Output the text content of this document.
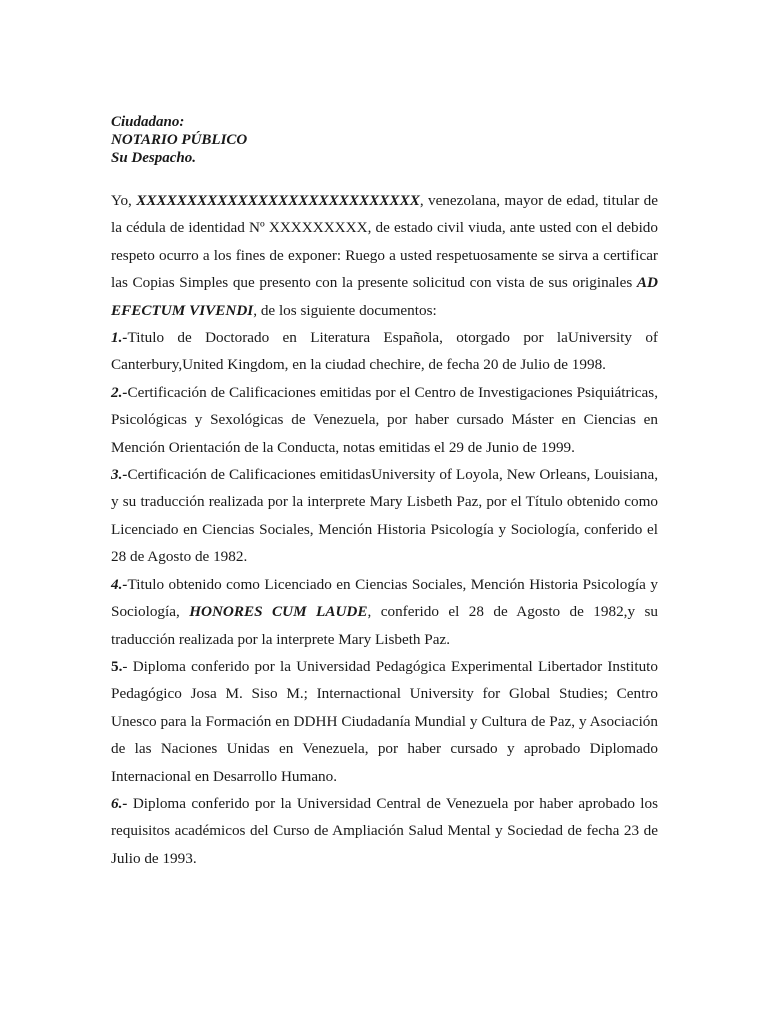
Ciudadano:
NOTARIO PÚBLICO
Su Despacho.

Yo, XXXXXXXXXXXXXXXXXXXXXXXXXXXX, venezolana, mayor de edad, titular de la cédula de identidad Nº XXXXXXXXX, de estado civil viuda, ante usted con el debido respeto ocurro a los fines de exponer: Ruego a usted respetuosamente se sirva a certificar las Copias Simples que presento con la presente solicitud con vista de sus originales AD EFECTUM VIVENDI, de los siguiente documentos:

1.-Titulo de Doctorado en Literatura Española, otorgado por laUniversity of Canterbury,United Kingdom, en la ciudad chechire, de fecha 20 de Julio de 1998.

2.-Certificación de Calificaciones emitidas por el Centro de Investigaciones Psiquiátricas, Psicológicas y Sexológicas de Venezuela, por haber cursado Máster en Ciencias en Mención Orientación de la Conducta, notas emitidas el 29 de Junio de 1999.

3.-Certificación de Calificaciones emitidasUniversity of Loyola, New Orleans, Louisiana, y su traducción realizada por la interprete Mary Lisbeth Paz, por el Título obtenido como Licenciado en Ciencias Sociales, Mención Historia Psicología y Sociología, conferido el 28 de Agosto de 1982.

4.-Titulo obtenido como Licenciado en Ciencias Sociales, Mención Historia Psicología y Sociología, HONORES CUM LAUDE, conferido el 28 de Agosto de 1982,y su traducción realizada por la interprete Mary Lisbeth Paz.

5.- Diploma conferido por la Universidad Pedagógica Experimental Libertador Instituto Pedagógico Josa M. Siso M.; Internactional University for Global Studies; Centro Unesco para la Formación en DDHH Ciudadanía Mundial y Cultura de Paz, y Asociación de las Naciones Unidas en Venezuela, por haber cursado y aprobado Diplomado Internacional en Desarrollo Humano.

6.- Diploma conferido por la Universidad Central de Venezuela por haber aprobado los requisitos académicos del Curso de Ampliación Salud Mental y Sociedad de fecha 23 de Julio de 1993.
